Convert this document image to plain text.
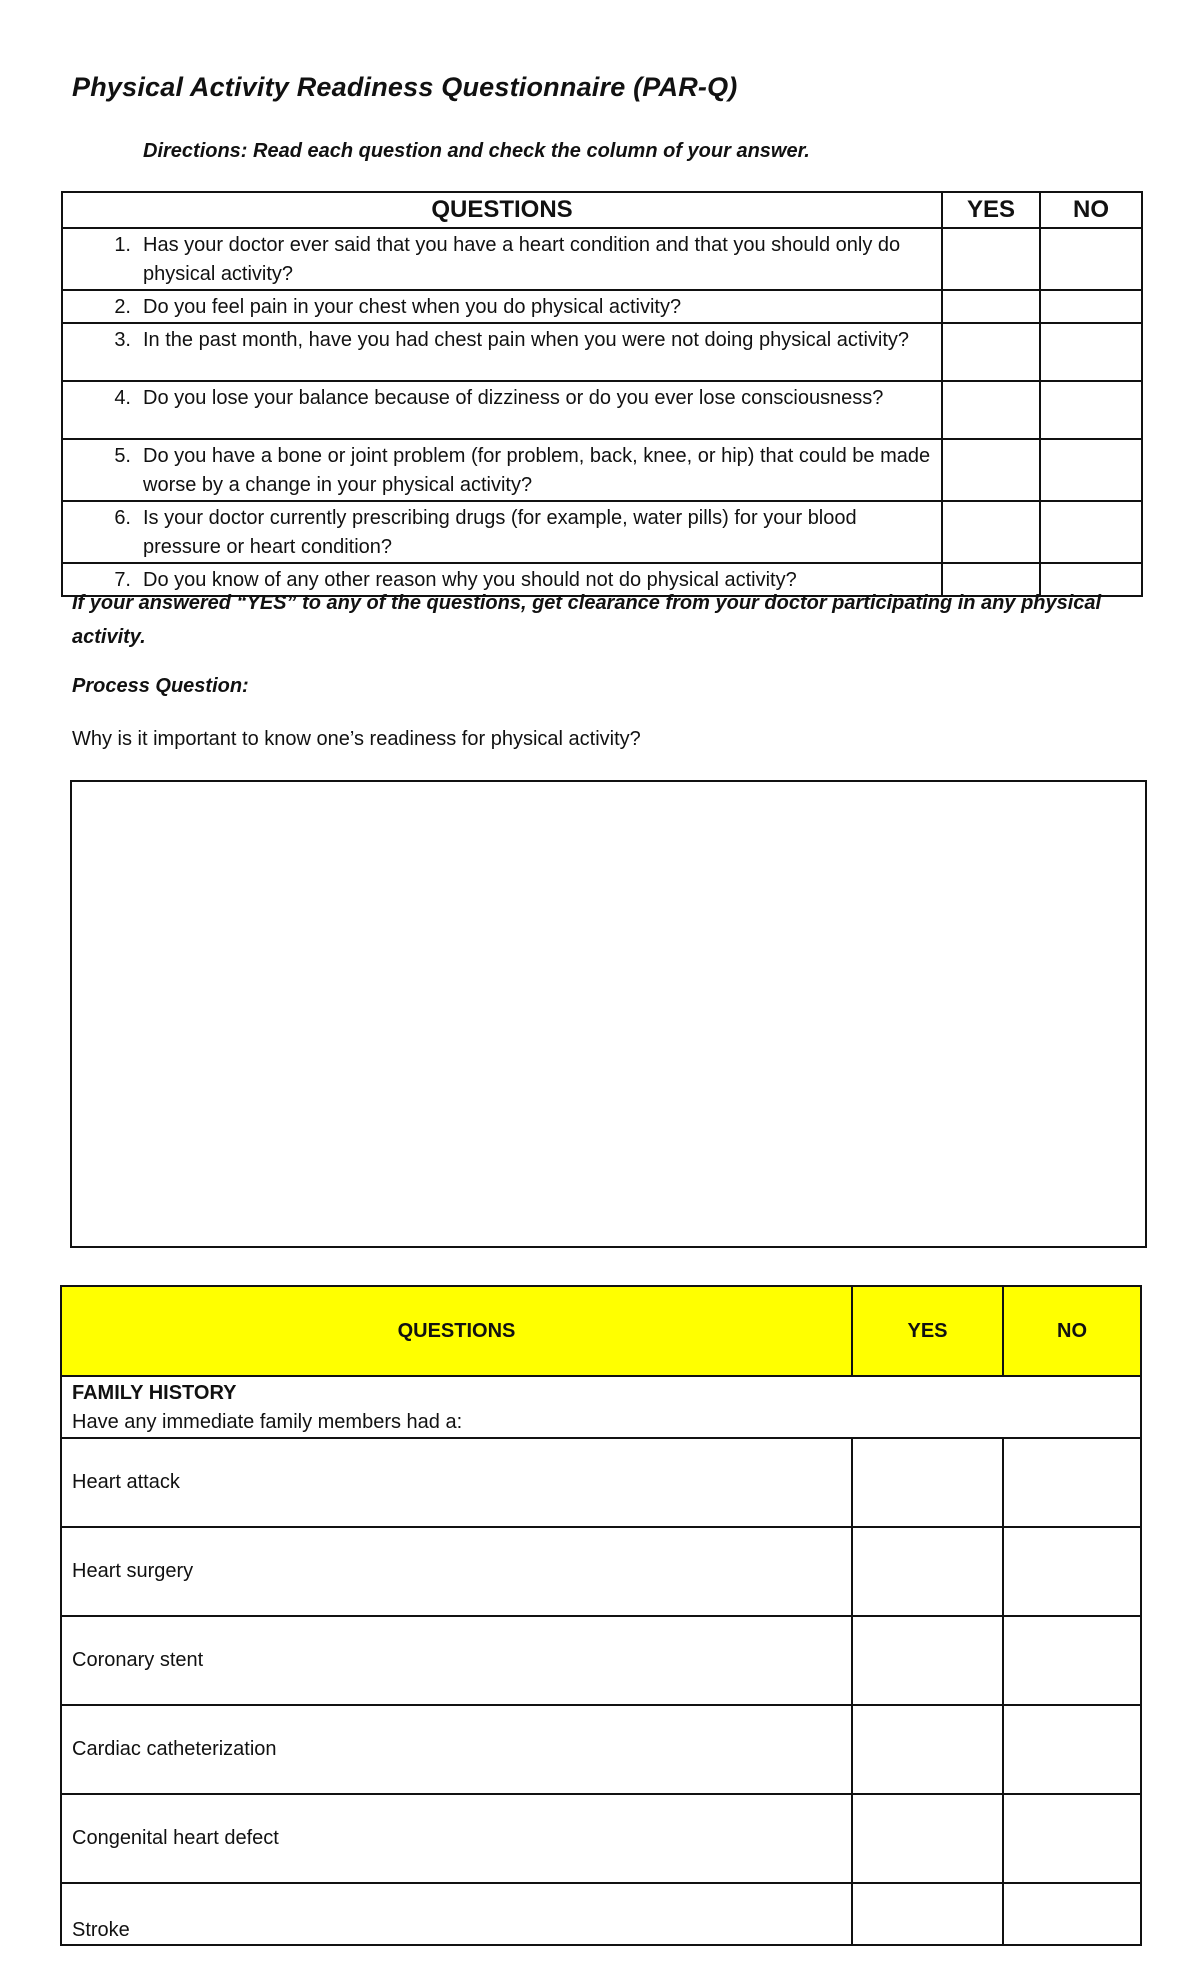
Physical Activity Readiness Questionnaire (PAR-Q)
Directions: Read each question and check the column of your answer.
QUESTIONS	YES	NO

1. Has your doctor ever said that you have a heart condition and that you should only do physical activity?		

2. Do you feel pain in your chest when you do physical activity?		

3. In the past month, have you had chest pain when you were not doing physical activity?		

4. Do you lose your balance because of dizziness or do you ever lose consciousness?		

5. Do you have a bone or joint problem (for problem, back, knee, or hip) that could be made worse by a change in your physical activity?		

6. Is your doctor currently prescribing drugs (for example, water pills) for your blood pressure or heart condition?		

7. Do you know of any other reason why you should not do physical activity?		

If your answered “YES” to any of the questions, get clearance from your doctor participating in any physical activity.
Process Question:
Why is it important to know one’s readiness for physical activity?
QUESTIONS	YES	NO

FAMILY HISTORY
Have any immediate family members had a:		

Heart attack		
Heart surgery		
Coronary stent		
Cardiac catheterization		
Congenital heart defect		
Stroke		
